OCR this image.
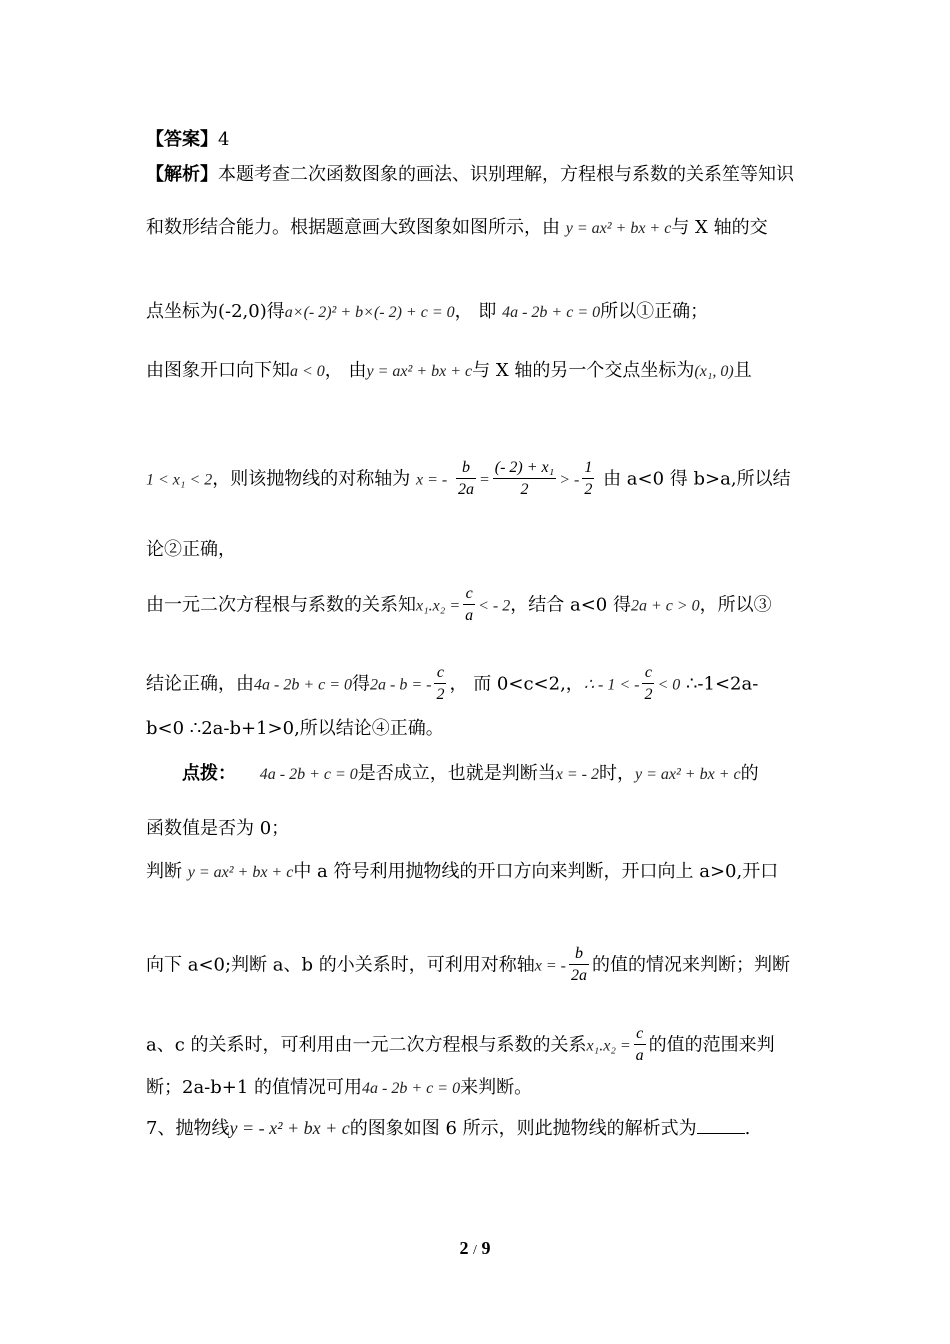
【答案】4
【解析】本题考查二次函数图象的画法、识别理解，方程根与系数的关系笙等知识
和数形结合能力。根据题意画大致图象如图所示，由 y = ax² + bx + c与 X 轴的交
点坐标为(-2,0)得a×(- 2)² + b×(- 2) + c = 0， 即 4a - 2b + c = 0所以①正确；
由图象开口向下知a < 0， 由y = ax² + bx + c与 X 轴的另一个交点坐标为(x₁, 0)且
1 < x₁ < 2，则该抛物线的对称轴为 x = - $\frac{b}{2a} = \frac{\text{(- 2) + x₁}}{2}$ > - $\frac{1}{2}$ 由 a<0 得 b>a,所以结
论②正确，
由一元二次方程根与系数的关系知$x_1.x_2 = \frac{c}{a}$ < - 2，结合 a<0 得2a + c > 0，所以③
结论正确，由4a - 2b + c = 0得2a - b = - $\frac{c}{2}$ ， 而 0<c<2,，∴ - 1 < - $\frac{c}{2} < 0$ ∴-1<2a-
b<0 ∴2a-b+1>0,所以结论④正确。
点拨： 4a - 2b + c = 0是否成立，也就是判断当x = - 2时，y = ax² + bx + c的
函数值是否为 0；
判断 y = ax² + bx + c中 a 符号利用抛物线的开口方向来判断，开口向上 a>0,开口
向下 a<0;判断 a、b 的小关系时，可利用对称轴x = - $\frac{b}{2a}$ 的值的情况来判断；判断
a、c 的关系时，可利用由一元二次方程根与系数的关系$x_1.x_2 = \frac{c}{a}$ 的值的范围来判
断；2a-b+1 的值情况可用4a - 2b + c = 0来判断。
7、抛物线y = - x² + bx + c的图象如图 6 所示，则此抛物线的解析式为	.
2 / 9
